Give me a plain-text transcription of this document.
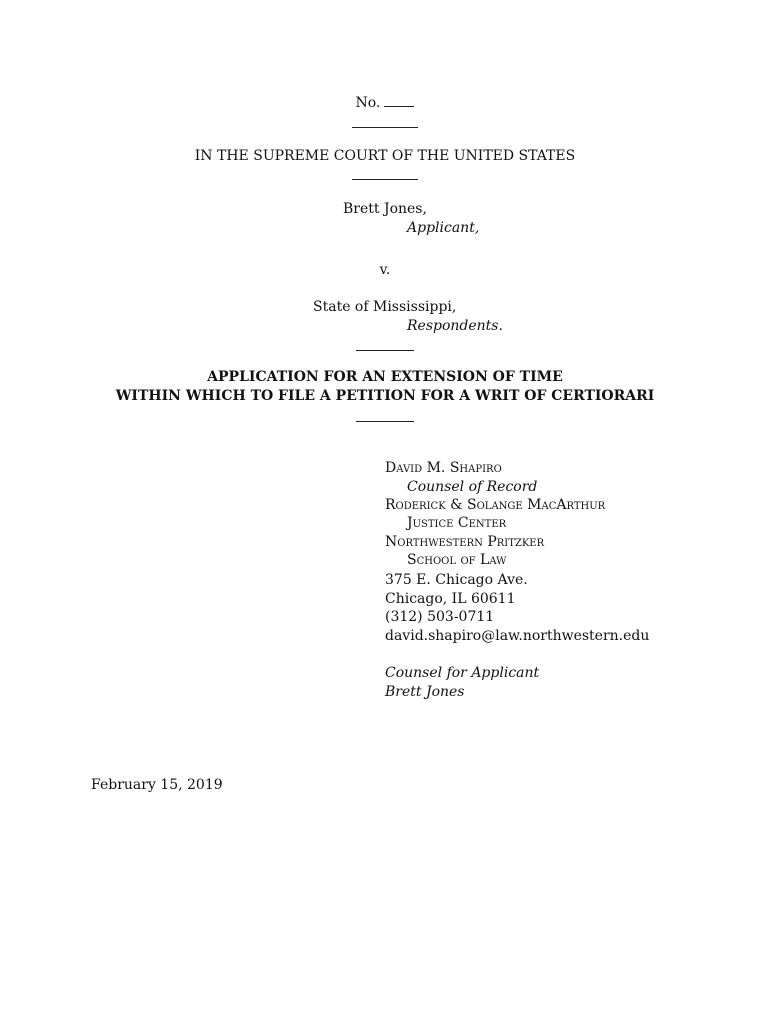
No.
IN THE SUPREME COURT OF THE UNITED STATES
Brett Jones,
Applicant,
v.
State of Mississippi,
Respondents.
APPLICATION FOR AN EXTENSION OF TIME
WITHIN WHICH TO FILE A PETITION FOR A WRIT OF CERTIORARI
David M. Shapiro
Counsel of Record
Roderick & Solange MacArthur
Justice Center
Northwestern Pritzker
School of Law
375 E. Chicago Ave.
Chicago, IL 60611
(312) 503-0711
david.shapiro@law.northwestern.edu
Counsel for Applicant
Brett Jones
February 15, 2019
